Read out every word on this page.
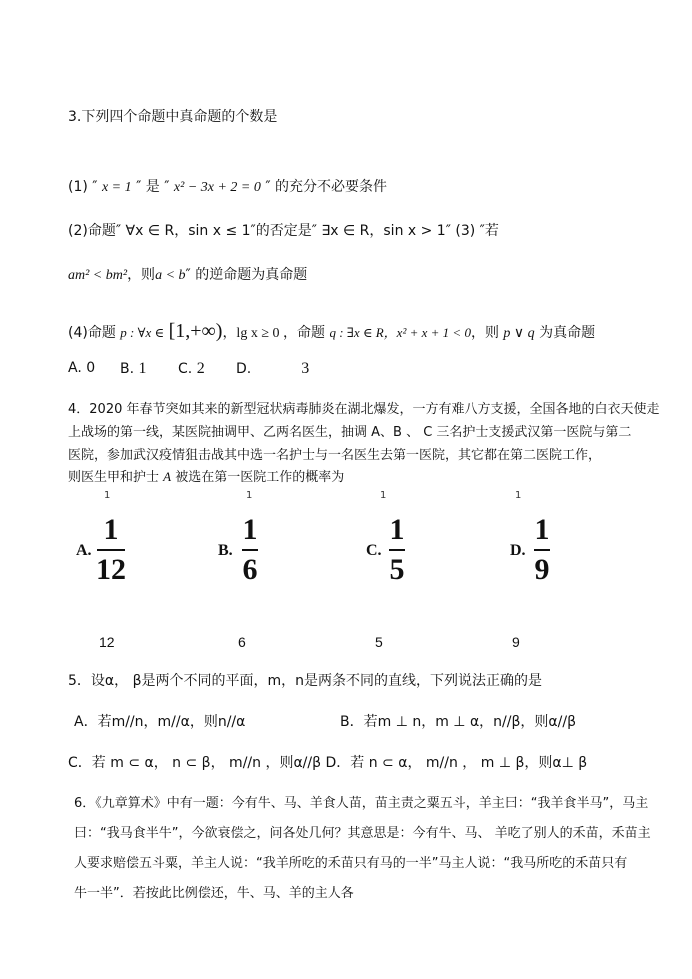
3.下列四个命题中真命题的个数是
(1) ″ x = 1 ″ 是 ″ x² − 3x + 2 = 0 ″ 的充分不必要条件
(2)命题″ ∀x ∈ R，sin x ≤ 1″的否定是″ ∃x ∈ R，sin x > 1″ (3) ″若
am² < bm²，则a < b″ 的逆命题为真命题
(4)命题 p : ∀x ∈ [1,+∞)，lg x ≥ 0 ，命题 q : ∃x ∈ R，x² + x + 1 < 0，则 p ∨ q 为真命题
A. 0 B. 1 C. 2 D.	3
4．2020 年春节突如其来的新型冠状病毒肺炎在湖北爆发，一方有难八方支援，全国各地的白衣天使走
上战场的第一线，某医院抽调甲、乙两名医生，抽调 A、B 、 C 三名护士支援武汉第一医院与第二
医院，参加武汉疫情狙击战其中选一名护士与一名医生去第一医院，其它都在第二医院工作，
则医生甲和护士 A 被选在第一医院工作的概率为
1	1	1	1
A.
1
12
B.
1
6
C.
1
5
D.
1
9
12	6	5	9
5．设α， β是两个不同的平面，m，n是两条不同的直线，下列说法正确的是
A．若m//n，m//α，则n//α	B．若m ⊥ n，m ⊥ α，n//β，则α//β
C．若 m ⊂ α， n ⊂ β， m//n ，则α//β D．若 n ⊂ α， m//n ， m ⊥ β，则α⊥ β
6．《九章算术》中有一题：今有牛、马、羊食人苗，苗主责之粟五斗，羊主曰：“我羊食半马”，马主
曰：“我马食半牛”，今欲衰偿之，问各处几何？其意思是：今有牛、马、 羊吃了别人的禾苗，禾苗主
人要求赔偿五斗粟，羊主人说：“我羊所吃的禾苗只有马的一半”马主人说：“我马所吃的禾苗只有
牛一半”．若按此比例偿还，牛、马、羊的主人各
